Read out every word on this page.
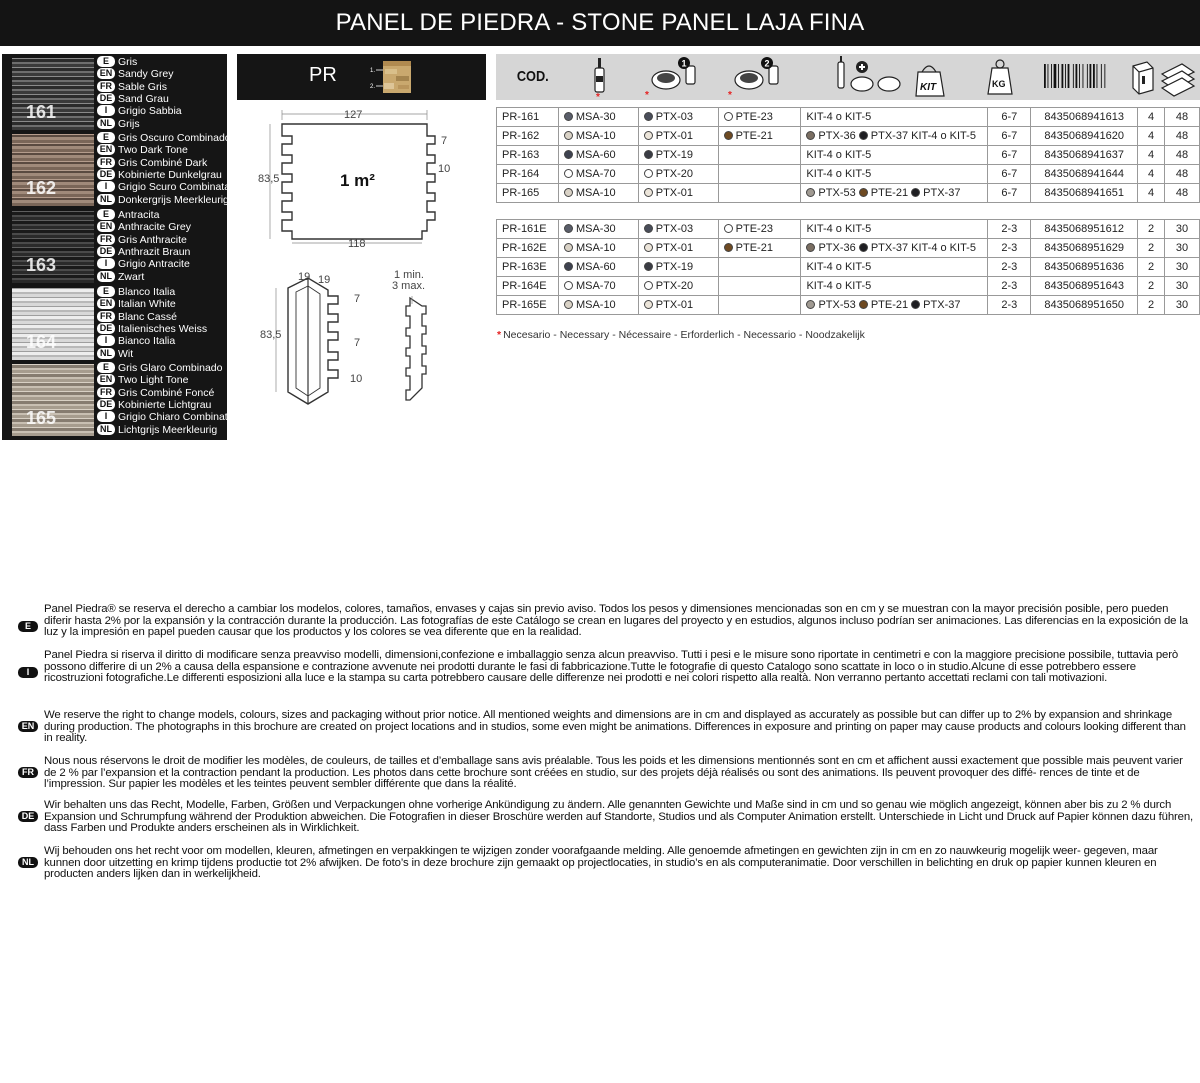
PANEL DE PIEDRA - STONE PANEL LAJA FINA
161
E Gris
EN Sandy Grey
FR Sable Gris
DE Sand Grau
I Grigio Sabbia
NL Grijs
162
E Gris Oscuro Combinado
EN Two Dark Tone
FR Gris Combiné Dark
DE Kobinierte Dunkelgrau
I Grigio Scuro Combinata
NL Donkergrijs Meerkleurig
163
E Antracita
EN Anthracite Grey
FR Gris Anthracite
DE Anthrazit Braun
I Grigio Antracite
NL Zwart
164
E Blanco Italia
EN Italian White
FR Blanc Cassé
DE Italienisches Weiss
I Bianco Italia
NL Wit
165
E Gris Glaro Combinado
EN Two Light Tone
FR Gris Combiné Foncé
DE Kobinierte Lichtgrau
I Grigio Chiaro Combinata
NL Lichtgrijs Meerkleurig
PR	1.
2.
127
83,5	1 m²
118
7
10
19 19
83,5
7
7
10
1 min.
3 max.
COD.
*
1
*
2
*
KIT	KG
PR-161	MSA-30	PTX-03	PTE-23	KIT-4 o KIT-5	6-7	8435068941613	4	48
PR-162	MSA-10	PTX-01	PTE-21	PTX-36 PTX-37 KIT-4 o KIT-5	6-7	8435068941620	4	48
PR-163	MSA-60	PTX-19		KIT-4 o KIT-5	6-7	8435068941637	4	48
PR-164	MSA-70	PTX-20		KIT-4 o KIT-5	6-7	8435068941644	4	48
PR-165	MSA-10	PTX-01		PTX-53 PTE-21 PTX-37	6-7	8435068941651	4	48
PR-161E	MSA-30	PTX-03	PTE-23	KIT-4 o KIT-5	2-3	8435068951612	2	30
PR-162E	MSA-10	PTX-01	PTE-21	PTX-36 PTX-37 KIT-4 o KIT-5	2-3	8435068951629	2	30
PR-163E	MSA-60	PTX-19		KIT-4 o KIT-5	2-3	8435068951636	2	30
PR-164E	MSA-70	PTX-20		KIT-4 o KIT-5	2-3	8435068951643	2	30
PR-165E	MSA-10	PTX-01		PTX-53 PTE-21 PTX-37	2-3	8435068951650	2	30
* Necesario - Necessary - Nécessaire - Erforderlich - Necessario - Noodzakelijk
E
Panel Piedra® se reserva el derecho a cambiar los modelos, colores, tamaños, envases y cajas sin previo aviso. Todos los pesos y dimensiones mencionadas son en cm y se muestran con la mayor precisión posible, pero pueden diferir hasta 2% por la expansión y la contracción durante la producción. Las fotografías de este Catálogo se crean en lugares del proyecto y en estudios, algunos incluso podrían ser animaciones. Las diferencias en la exposición de la luz y la impresión en papel pueden causar que los productos y los colores se vea diferente que en la realidad.
I
Panel Piedra si riserva il diritto di modificare senza preavviso modelli, dimensioni,confezione e imballaggio senza alcun preavviso. Tutti i pesi e le misure sono riportate in centimetri e con la maggiore precisione possibile, tuttavia però possono differire di un 2% a causa della espansione e contrazione avvenute nei prodotti durante le fasi di fabbricazione.Tutte le fotografie di questo Catalogo sono scattate in loco o in studio.Alcune di esse potrebbero essere ricostruzioni fotografiche.Le differenti esposizioni alla luce e la stampa su carta potrebbero causare delle differenze nei prodotti e nei colori rispetto alla realtà. Non verranno pertanto accettati reclami con tali motivazioni.
EN
We reserve the right to change models, colours, sizes and packaging without prior notice. All mentioned weights and dimensions are in cm and displayed as accurately as possible but can differ up to 2% by expansion and shrinkage during production. The photographs in this brochure are created on project locations and in studios, some even might be animations. Differences in exposure and printing on paper may cause products and colours looking different than in reality.
FR
Nous nous réservons le droit de modifier les modèles, de couleurs, de tailles et d’emballage sans avis préalable. Tous les poids et les dimensions mentionnés sont en cm et affichent aussi exactement que possible mais peuvent varier de 2 % par l’expansion et la contraction pendant la production. Les photos dans cette brochure sont créées en studio, sur des projets déjà réalisés ou sont des animations. Ils peuvent provoquer des diffé- rences de tinte et de l’impression. Sur papier les modèles et les teintes peuvent sembler différente que dans la réalité.
DE
Wir behalten uns das Recht, Modelle, Farben, Größen und Verpackungen ohne vorherige Ankündigung zu ändern. Alle genannten Gewichte und Maße sind in cm und so genau wie möglich angezeigt, können aber bis zu 2 % durch Expansion und Schrumpfung während der Produktion abweichen. Die Fotografien in dieser Broschüre werden auf Standorte, Studios und als Computer Animation erstellt. Unterschiede in Licht und Druck auf Papier können dazu führen, dass Farben und Produkte anders erscheinen als in Wirklichkeit.
NL
Wij behouden ons het recht voor om modellen, kleuren, afmetingen en verpakkingen te wijzigen zonder voorafgaande melding. Alle genoemde afmetingen en gewichten zijn in cm en zo nauwkeurig mogelijk weer- gegeven, maar kunnen door uitzetting en krimp tijdens productie tot 2% afwijken. De foto’s in deze brochure zijn gemaakt op projectlocaties, in studio’s en als computeranimatie. Door verschillen in belichting en druk op papier kunnen kleuren en producten anders lijken dan in werkelijkheid.
